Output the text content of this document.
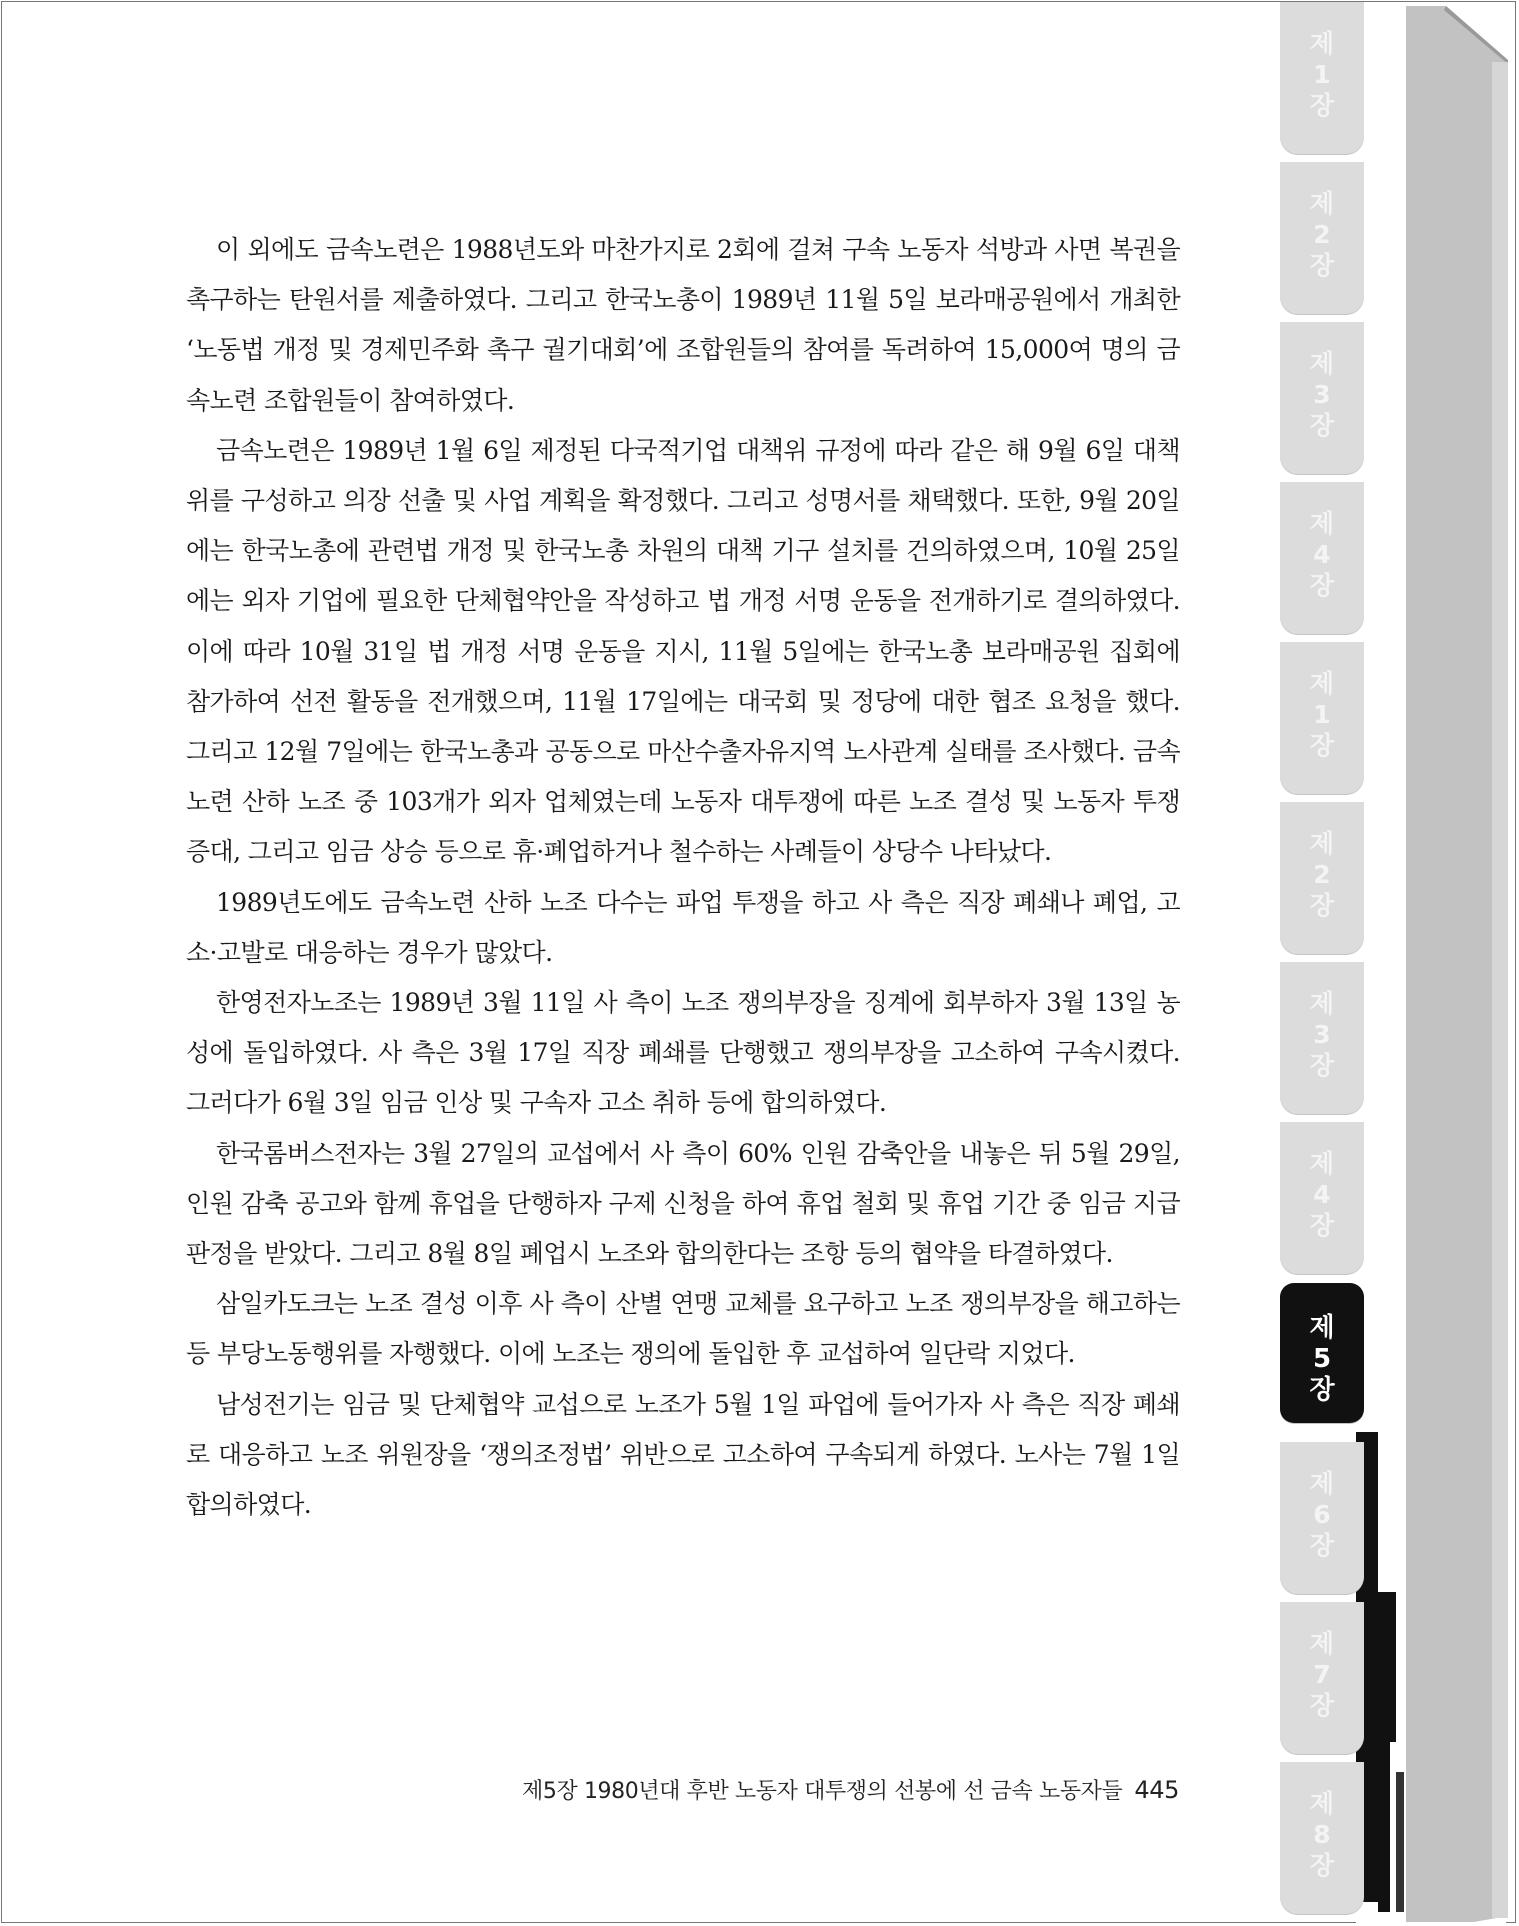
제
1
장
제
2
장
제
3
장
제
4
장
제
1
장
제
2
장
제
3
장
제
4
장
제
5
장
제
6
장
제
7
장
제
8
장

이 외에도 금속노련은 1988년도와 마찬가지로 2회에 걸쳐 구속 노동자 석방과 사면 복권을 촉구하는 탄원서를 제출하였다. 그리고 한국노총이 1989년 11월 5일 보라매공원에서 개최한 ‘노동법 개정 및 경제민주화 촉구 궐기대회’에 조합원들의 참여를 독려하여 15,000여 명의 금속노련 조합원들이 참여하였다.

금속노련은 1989년 1월 6일 제정된 다국적기업 대책위 규정에 따라 같은 해 9월 6일 대책위를 구성하고 의장 선출 및 사업 계획을 확정했다. 그리고 성명서를 채택했다. 또한, 9월 20일에는 한국노총에 관련법 개정 및 한국노총 차원의 대책 기구 설치를 건의하였으며, 10월 25일에는 외자 기업에 필요한 단체협약안을 작성하고 법 개정 서명 운동을 전개하기로 결의하였다. 이에 따라 10월 31일 법 개정 서명 운동을 지시, 11월 5일에는 한국노총 보라매공원 집회에 참가하여 선전 활동을 전개했으며, 11월 17일에는 대국회 및 정당에 대한 협조 요청을 했다. 그리고 12월 7일에는 한국노총과 공동으로 마산수출자유지역 노사관계 실태를 조사했다. 금속노련 산하 노조 중 103개가 외자 업체였는데 노동자 대투쟁에 따른 노조 결성 및 노동자 투쟁 증대, 그리고 임금 상승 등으로 휴·폐업하거나 철수하는 사례들이 상당수 나타났다.

1989년도에도 금속노련 산하 노조 다수는 파업 투쟁을 하고 사 측은 직장 폐쇄나 폐업, 고소·고발로 대응하는 경우가 많았다.

한영전자노조는 1989년 3월 11일 사 측이 노조 쟁의부장을 징계에 회부하자 3월 13일 농성에 돌입하였다. 사 측은 3월 17일 직장 폐쇄를 단행했고 쟁의부장을 고소하여 구속시켰다. 그러다가 6월 3일 임금 인상 및 구속자 고소 취하 등에 합의하였다.

한국롬버스전자는 3월 27일의 교섭에서 사 측이 60% 인원 감축안을 내놓은 뒤 5월 29일, 인원 감축 공고와 함께 휴업을 단행하자 구제 신청을 하여 휴업 철회 및 휴업 기간 중 임금 지급 판정을 받았다. 그리고 8월 8일 폐업시 노조와 합의한다는 조항 등의 협약을 타결하였다.

삼일카도크는 노조 결성 이후 사 측이 산별 연맹 교체를 요구하고 노조 쟁의부장을 해고하는 등 부당노동행위를 자행했다. 이에 노조는 쟁의에 돌입한 후 교섭하여 일단락 지었다.

남성전기는 임금 및 단체협약 교섭으로 노조가 5월 1일 파업에 들어가자 사 측은 직장 폐쇄로 대응하고 노조 위원장을 ‘쟁의조정법’ 위반으로 고소하여 구속되게 하였다. 노사는 7월 1일 합의하였다.

제5장 1980년대 후반 노동자 대투쟁의 선봉에 선 금속 노동자들 445
